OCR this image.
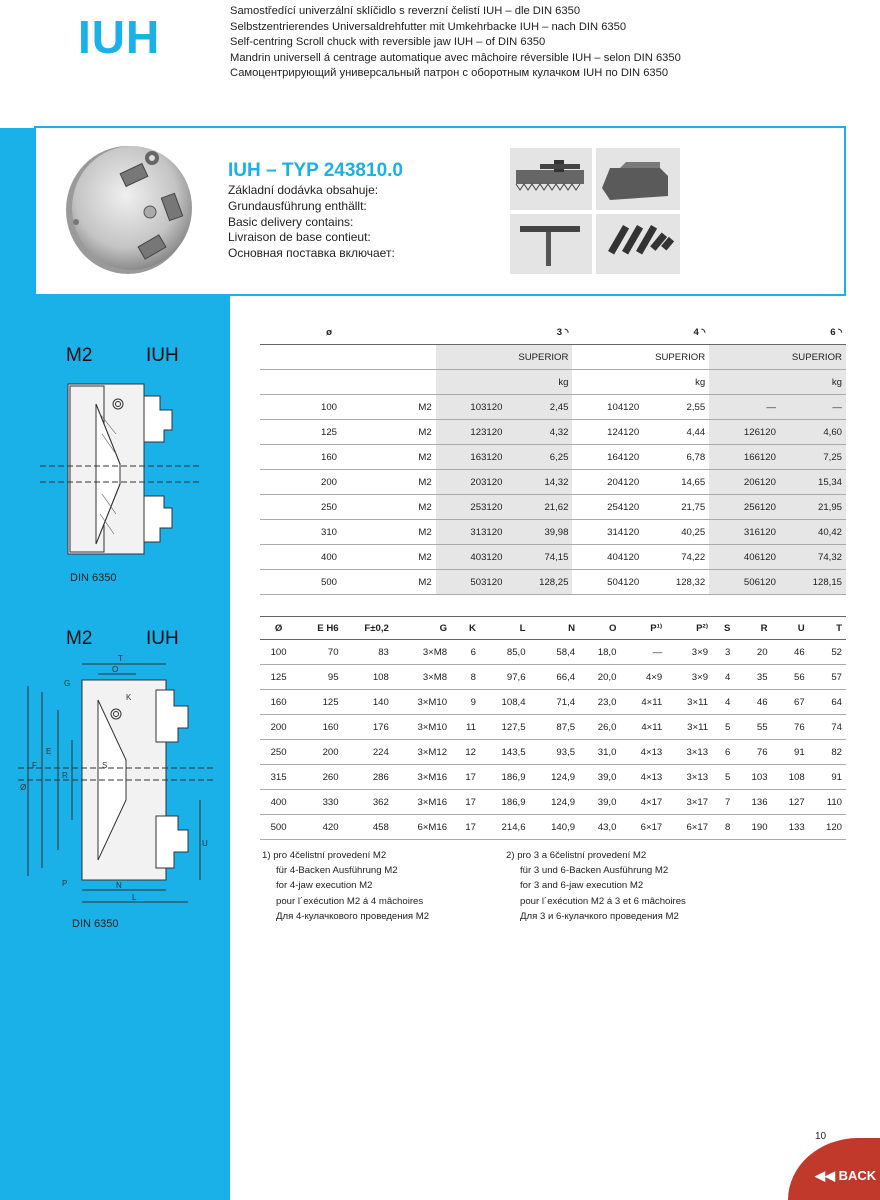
IUH	Samostředící univerzální sklíčidlo s reverzní čelistí IUH – dle DIN 6350
Selbstzentrierendes Universaldrehfutter mit Umkehrbacke IUH – nach DIN 6350
Self-centring Scroll chuck with reversible jaw IUH – of DIN 6350
Mandrin universell á centrage automatique avec mâchoire réversible IUH – selon DIN 6350
Самоцентрирующий универсальный патрон с оборотным кулачком IUH по DIN 6350
IUH – TYP 243810.0
Základní dodávka obsahuje:
Grundausführung enthällt:
Basic delivery contains:
Livraison de base contieut:
Основная поставка включает:
M2	IUH
DIN 6350
M2	IUH
T
O
G
K
S
E
R
F
Ø
P	N
L
U
DIN 6350
ø		3 ◝		4 ◝		6 ◝	
		SUPERIOR		SUPERIOR		SUPERIOR	
			kg		kg		kg
100	M2	103120	2,45	104120	2,55	—	—
125	M2	123120	4,32	124120	4,44	126120	4,60
160	M2	163120	6,25	164120	6,78	166120	7,25
200	M2	203120	14,32	204120	14,65	206120	15,34
250	M2	253120	21,62	254120	21,75	256120	21,95
310	M2	313120	39,98	314120	40,25	316120	40,42
400	M2	403120	74,15	404120	74,22	406120	74,32
500	M2	503120	128,25	504120	128,32	506120	128,15
Ø	E H6	F±0,2	G	K	L	N	O	P¹⁾	P²⁾	S	R	U	T
100	70	83	3×M8	6	85,0	58,4	18,0	—	3×9	3	20	46	52
125	95	108	3×M8	8	97,6	66,4	20,0	4×9	3×9	4	35	56	57
160	125	140	3×M10	9	108,4	71,4	23,0	4×11	3×11	4	46	67	64
200	160	176	3×M10	11	127,5	87,5	26,0	4×11	3×11	5	55	76	74
250	200	224	3×M12	12	143,5	93,5	31,0	4×13	3×13	6	76	91	82
315	260	286	3×M16	17	186,9	124,9	39,0	4×13	3×13	5	103	108	91
400	330	362	3×M16	17	186,9	124,9	39,0	4×17	3×17	7	136	127	110
500	420	458	6×M16	17	214,6	140,9	43,0	6×17	6×17	8	190	133	120
1) pro 4čelistní provedení M2
für 4-Backen Ausführung M2
for 4-jaw execution M2
pour l´exécution M2 á 4 mâchoires
Для 4-кулачкового проведения M2
2) pro 3 a 6čelistní provedení M2
für 3 und 6-Backen Ausführung M2
for 3 and 6-jaw execution M2
pour l´exécution M2 á 3 et 6 mâchoires
Для 3 и 6-кулачкого проведения M2
10
◀◀ BACK
